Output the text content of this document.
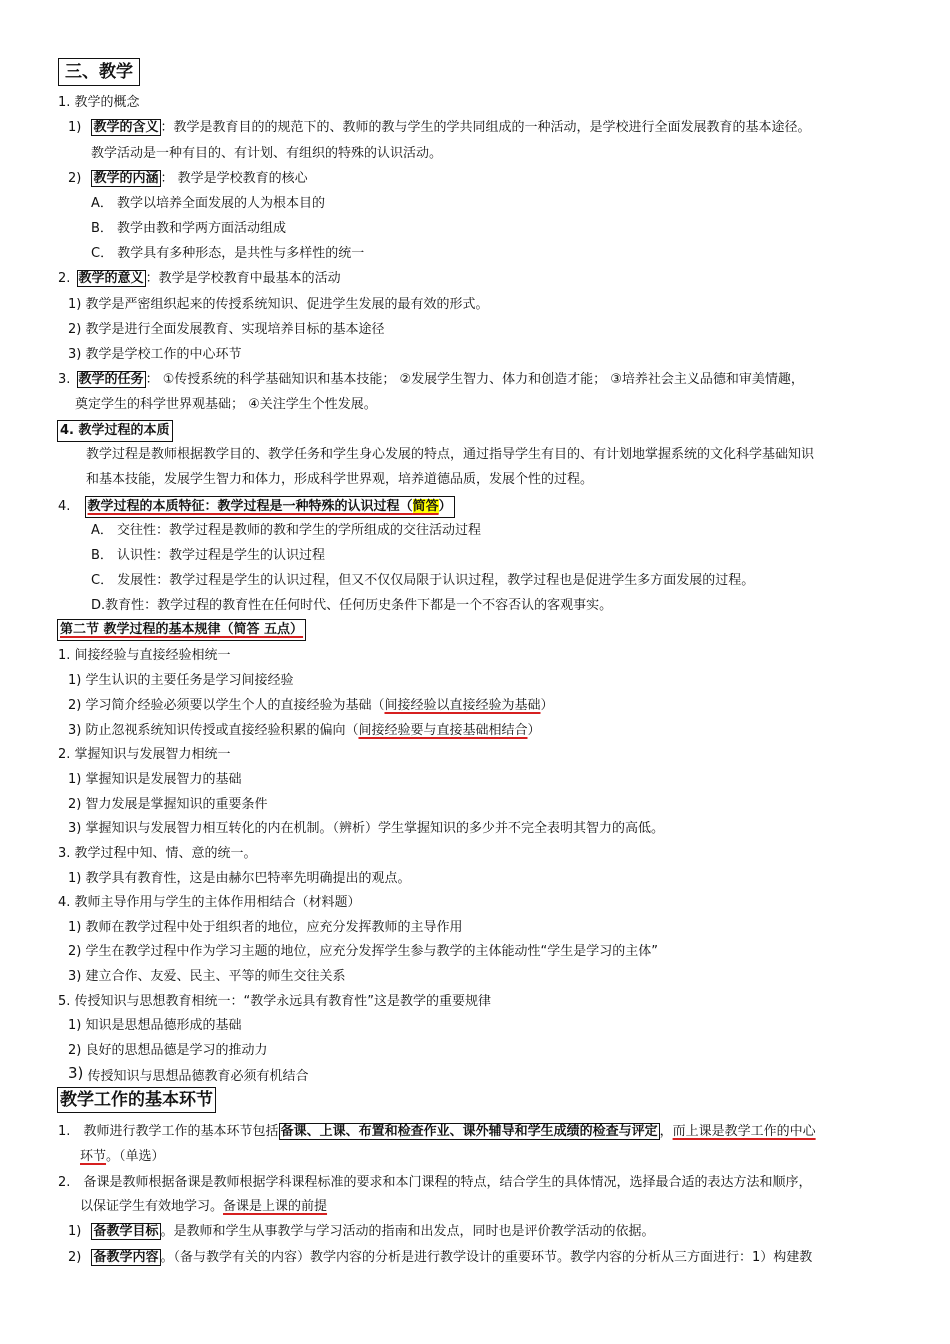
三、教学
1. 教学的概念
1) 教学的含义 ：教学是教育目的的规范下的、教师的教与学生的学共同组成的一种活动，是学校进行全面发展教育的基本途径。
教学活动是一种有目的、有计划、有组织的特殊的认识活动。
2) 教学的内涵 ： 教学是学校教育的核心
A． 教学以培养全面发展的人为根本目的
B． 教学由教和学两方面活动组成
C． 教学具有多种形态，是共性与多样性的统一
2. 教学的意义 ：教学是学校教育中最基本的活动
1) 教学是严密组织起来的传授系统知识、促进学生发展的最有效的形式。
2) 教学是进行全面发展教育、实现培养目标的基本途径
3) 教学是学校工作的中心环节
3. 教学的任务 ： ①传授系统的科学基础知识和基本技能； ②发展学生智力、体力和创造才能； ③培养社会主义品德和审美情趣，
奠定学生的科学世界观基础； ④关注学生个性发展。
4. 教学过程的本质
教学过程是教师根据教学目的、教学任务和学生身心发展的特点，通过指导学生有目的、有计划地掌握系统的文化科学基础知识
和基本技能，发展学生智力和体力，形成科学世界观，培养道德品质，发展个性的过程。
4. 教学过程的本质特征：教学过程是一种特殊的认识过程（简答）
A． 交往性：教学过程是教师的教和学生的学所组成的交往活动过程
B． 认识性：教学过程是学生的认识过程
C． 发展性：教学过程是学生的认识过程，但又不仅仅局限于认识过程，教学过程也是促进学生多方面发展的过程。
D.教育性：教学过程的教育性在任何时代、任何历史条件下都是一个不容否认的客观事实。
第二节 教学过程的基本规律（简答 五点）
1. 间接经验与直接经验相统一
1) 学生认识的主要任务是学习间接经验
2) 学习简介经验必须要以学生个人的直接经验为基础（间接经验以直接经验为基础）
3) 防止忽视系统知识传授或直接经验积累的偏向（间接经验要与直接基础相结合）
2. 掌握知识与发展智力相统一
1) 掌握知识是发展智力的基础
2) 智力发展是掌握知识的重要条件
3) 掌握知识与发展智力相互转化的内在机制。（辨析）学生掌握知识的多少并不完全表明其智力的高低。
3. 教学过程中知、情、意的统一。
1) 教学具有教育性，这是由赫尔巴特率先明确提出的观点。
4. 教师主导作用与学生的主体作用相结合（材料题）
1) 教师在教学过程中处于组织者的地位，应充分发挥教师的主导作用
2) 学生在教学过程中作为学习主题的地位，应充分发挥学生参与教学的主体能动性“学生是学习的主体”
3) 建立合作、友爱、民主、平等的师生交往关系
5. 传授知识与思想教育相统一：“教学永远具有教育性”这是教学的重要规律
1) 知识是思想品德形成的基础
2) 良好的思想品德是学习的推动力
3) 传授知识与思想品德教育必须有机结合
教学工作的基本环节
1. 教师进行教学工作的基本环节包括 备课、上课、布置和检查作业、课外辅导和学生成绩的检查与评定 ，而上课是教学工作的中心
环节。（单选）
2. 备课是教师根据备课是教师根据学科课程标准的要求和本门课程的特点，结合学生的具体情况，选择最合适的表达方法和顺序，
以保证学生有效地学习。备课是上课的前提
1) 备教学目标 。是教师和学生从事教学与学习活动的指南和出发点，同时也是评价教学活动的依据。
2) 备教学内容 。（备与教学有关的内容）教学内容的分析是进行教学设计的重要环节。教学内容的分析从三方面进行：1）构建教
